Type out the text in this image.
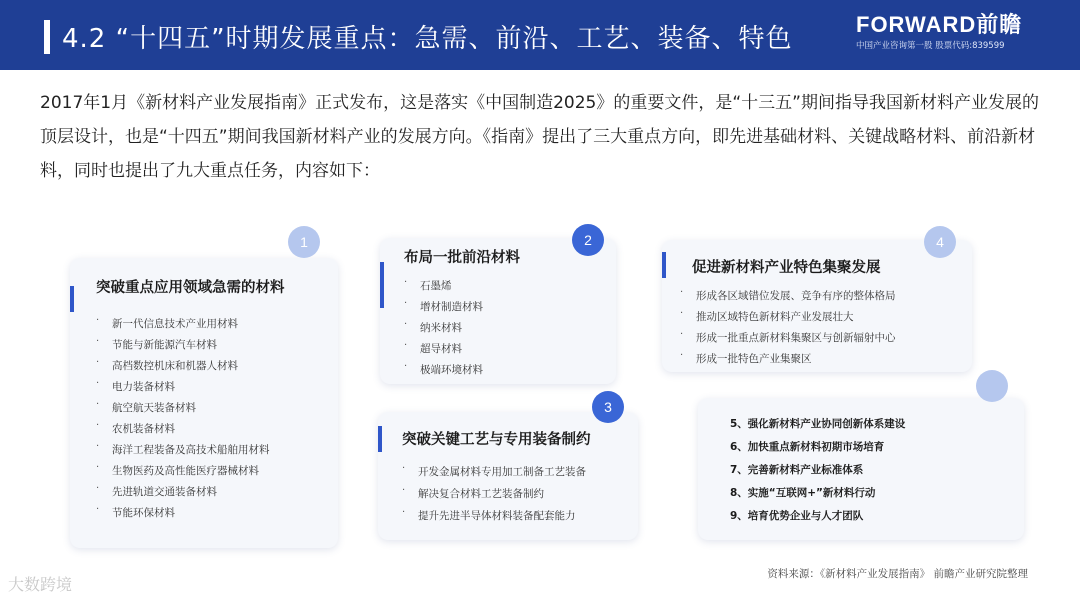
4.2 “十四五”时期发展重点：急需、前沿、工艺、装备、特色	FORWARD前瞻
中国产业咨询第一股 股票代码:839599
2017年1月《新材料产业发展指南》正式发布，这是落实《中国制造2025》的重要文件，是“十三五”期间指导我国新材料产业发展的顶层设计，也是“十四五”期间我国新材料产业的发展方向。《指南》提出了三大重点方向，即先进基础材料、关键战略材料、前沿新材料，同时也提出了九大重点任务，内容如下：
突破重点应用领域急需的材料
· 新一代信息技术产业用材料
· 节能与新能源汽车材料
· 高档数控机床和机器人材料
· 电力装备材料
· 航空航天装备材料
· 农机装备材料
· 海洋工程装备及高技术船舶用材料
· 生物医药及高性能医疗器械材料
· 先进轨道交通装备材料
· 节能环保材料
1
布局一批前沿材料
· 石墨烯
· 增材制造材料
· 纳米材料
· 超导材料
· 极端环境材料
2
突破关键工艺与专用装备制约
· 开发金属材料专用加工制备工艺装备
· 解决复合材料工艺装备制约
· 提升先进半导体材料装备配套能力
3
促进新材料产业特色集聚发展
· 形成各区域错位发展、竞争有序的整体格局
· 推动区域特色新材料产业发展壮大
· 形成一批重点新材料集聚区与创新辐射中心
· 形成一批特色产业集聚区
4
5、强化新材料产业协同创新体系建设
6、加快重点新材料初期市场培育
7、完善新材料产业标准体系
8、实施“互联网+”新材料行动
9、培育优势企业与人才团队
资料来源：《新材料产业发展指南》 前瞻产业研究院整理
大数跨境
